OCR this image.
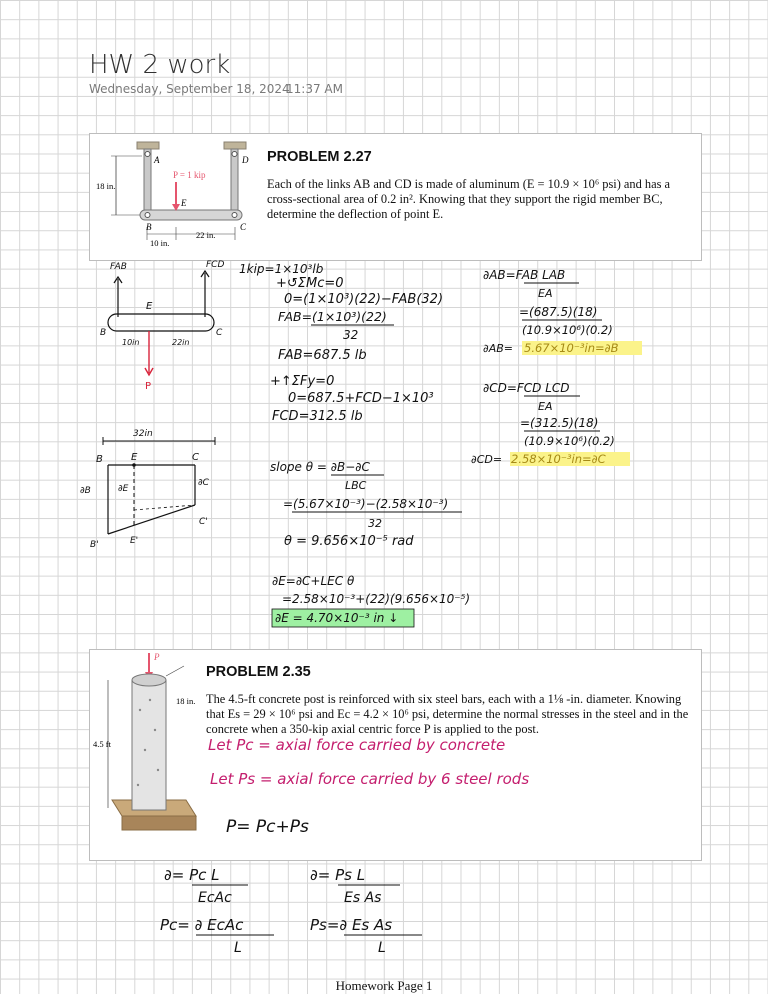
HW 2 work
Wednesday, September 18, 2024
11:37 AM
A	D
E
B	C
P = 1 kip
18 in.
10 in.
22 in.
PROBLEM 2.27
Each of the links AB and CD is made of aluminum (E = 10.9 × 10⁶ psi) and has a cross-sectional area of 0.2 in². Knowing that they support the rigid member BC, determine the deflection of point E.
1kip=1×10³lb
FAB	FCD
E
B	C
10in	22in
P
+↺ΣMc=0
0=(1×10³)(22)−FAB(32)
FAB=(1×10³)(22)
32
FAB=687.5 lb
+↑ΣFy=0
0=687.5+FCD−1×10³
FCD=312.5 lb
∂AB=FAB LAB
EA
=(687.5)(18)
(10.9×10⁶)(0.2)
∂AB= 5.67×10⁻³in=∂B
∂CD=FCD LCD
EA
=(312.5)(18)
(10.9×10⁶)(0.2)
∂CD= 2.58×10⁻³in=∂C
32in
B	E	C
∂B	∂E
∂C
B'	E'
C'
slope θ = ∂B−∂C
LBC
=(5.67×10⁻³)−(2.58×10⁻³)
32
θ = 9.656×10⁻⁵ rad
∂E=∂C+LEC θ
=2.58×10⁻³+(22)(9.656×10⁻⁵)
∂E = 4.70×10⁻³ in ↓
P
4.5 ft
18 in.
PROBLEM 2.35
The 4.5-ft concrete post is reinforced with six steel bars, each with a 1⅛ -in. diameter. Knowing that Es = 29 × 10⁶ psi and Ec = 4.2 × 10⁶ psi, determine the normal stresses in the steel and in the concrete when a 350-kip axial centric force P is applied to the post.
Let Pc = axial force carried by concrete
Let Ps = axial force carried by 6 steel rods
P= Pc+Ps
∂= Pc L
EcAc
Pc= ∂ EcAc
L
∂= Ps L
Es As
Ps=∂ Es As
L
Homework Page 1
